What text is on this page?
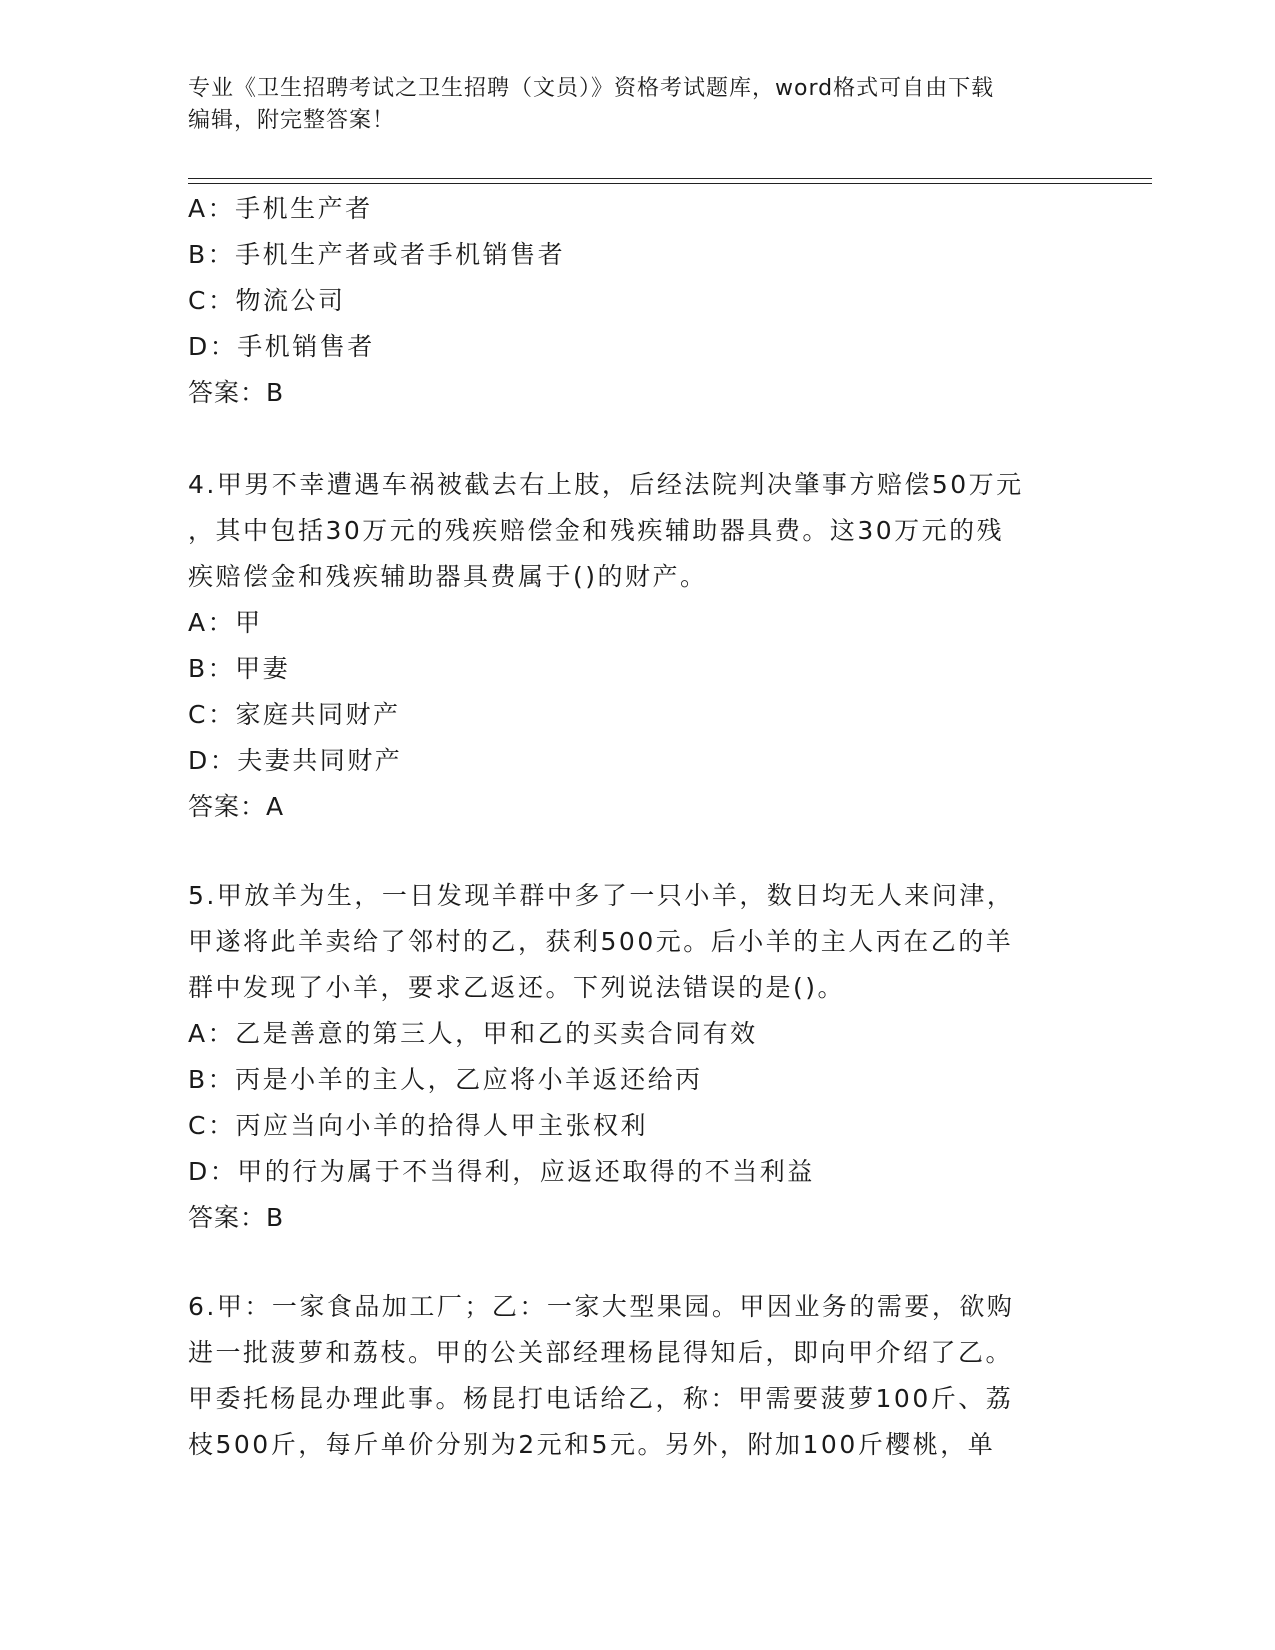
专业《卫生招聘考试之卫生招聘（文员）》资格考试题库，word格式可自由下载
编辑，附完整答案！
A：手机生产者
B：手机生产者或者手机销售者
C：物流公司
D：手机销售者
答案：B
4.甲男不幸遭遇车祸被截去右上肢，后经法院判决肇事方赔偿50万元
，其中包括30万元的残疾赔偿金和残疾辅助器具费。这30万元的残
疾赔偿金和残疾辅助器具费属于()的财产。
A：甲
B：甲妻
C：家庭共同财产
D：夫妻共同财产
答案：A
5.甲放羊为生，一日发现羊群中多了一只小羊，数日均无人来问津，
甲遂将此羊卖给了邻村的乙，获利500元。后小羊的主人丙在乙的羊
群中发现了小羊，要求乙返还。下列说法错误的是()。
A：乙是善意的第三人，甲和乙的买卖合同有效
B：丙是小羊的主人，乙应将小羊返还给丙
C：丙应当向小羊的拾得人甲主张权利
D：甲的行为属于不当得利，应返还取得的不当利益
答案：B
6.甲：一家食品加工厂；乙：一家大型果园。甲因业务的需要，欲购
进一批菠萝和荔枝。甲的公关部经理杨昆得知后，即向甲介绍了乙。
甲委托杨昆办理此事。杨昆打电话给乙，称：甲需要菠萝100斤、荔
枝500斤，每斤单价分别为2元和5元。另外，附加100斤樱桃，单
